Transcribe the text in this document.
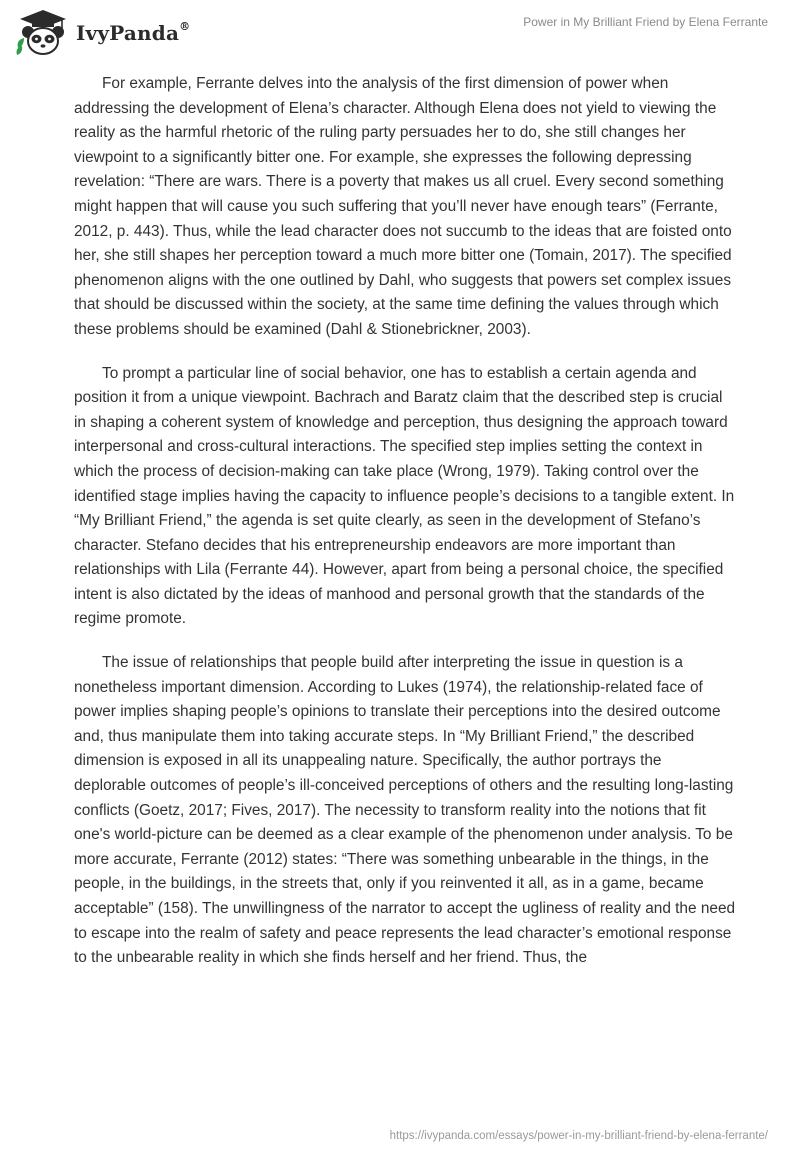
IvyPanda®	Power in My Brilliant Friend by Elena Ferrante

For example, Ferrante delves into the analysis of the first dimension of power when addressing the development of Elena’s character. Although Elena does not yield to viewing the reality as the harmful rhetoric of the ruling party persuades her to do, she still changes her viewpoint to a significantly bitter one. For example, she expresses the following depressing revelation: “There are wars. There is a poverty that makes us all cruel. Every second something might happen that will cause you such suffering that you’ll never have enough tears” (Ferrante, 2012, p. 443). Thus, while the lead character does not succumb to the ideas that are foisted onto her, she still shapes her perception toward a much more bitter one (Tomain, 2017). The specified phenomenon aligns with the one outlined by Dahl, who suggests that powers set complex issues that should be discussed within the society, at the same time defining the values through which these problems should be examined (Dahl & Stionebrickner, 2003).

To prompt a particular line of social behavior, one has to establish a certain agenda and position it from a unique viewpoint. Bachrach and Baratz claim that the described step is crucial in shaping a coherent system of knowledge and perception, thus designing the approach toward interpersonal and cross-cultural interactions. The specified step implies setting the context in which the process of decision-making can take place (Wrong, 1979). Taking control over the identified stage implies having the capacity to influence people’s decisions to a tangible extent. In “My Brilliant Friend,” the agenda is set quite clearly, as seen in the development of Stefano’s character. Stefano decides that his entrepreneurship endeavors are more important than relationships with Lila (Ferrante 44). However, apart from being a personal choice, the specified intent is also dictated by the ideas of manhood and personal growth that the standards of the regime promote.

The issue of relationships that people build after interpreting the issue in question is a nonetheless important dimension. According to Lukes (1974), the relationship-related face of power implies shaping people’s opinions to translate their perceptions into the desired outcome and, thus manipulate them into taking accurate steps. In “My Brilliant Friend,” the described dimension is exposed in all its unappealing nature. Specifically, the author portrays the deplorable outcomes of people’s ill-conceived perceptions of others and the resulting long-lasting conflicts (Goetz, 2017; Fives, 2017). The necessity to transform reality into the notions that fit one's world-picture can be deemed as a clear example of the phenomenon under analysis. To be more accurate, Ferrante (2012) states: “There was something unbearable in the things, in the people, in the buildings, in the streets that, only if you reinvented it all, as in a game, became acceptable” (158). The unwillingness of the narrator to accept the ugliness of reality and the need to escape into the realm of safety and peace represents the lead character’s emotional response to the unbearable reality in which she finds herself and her friend. Thus, the

https://ivypanda.com/essays/power-in-my-brilliant-friend-by-elena-ferrante/
